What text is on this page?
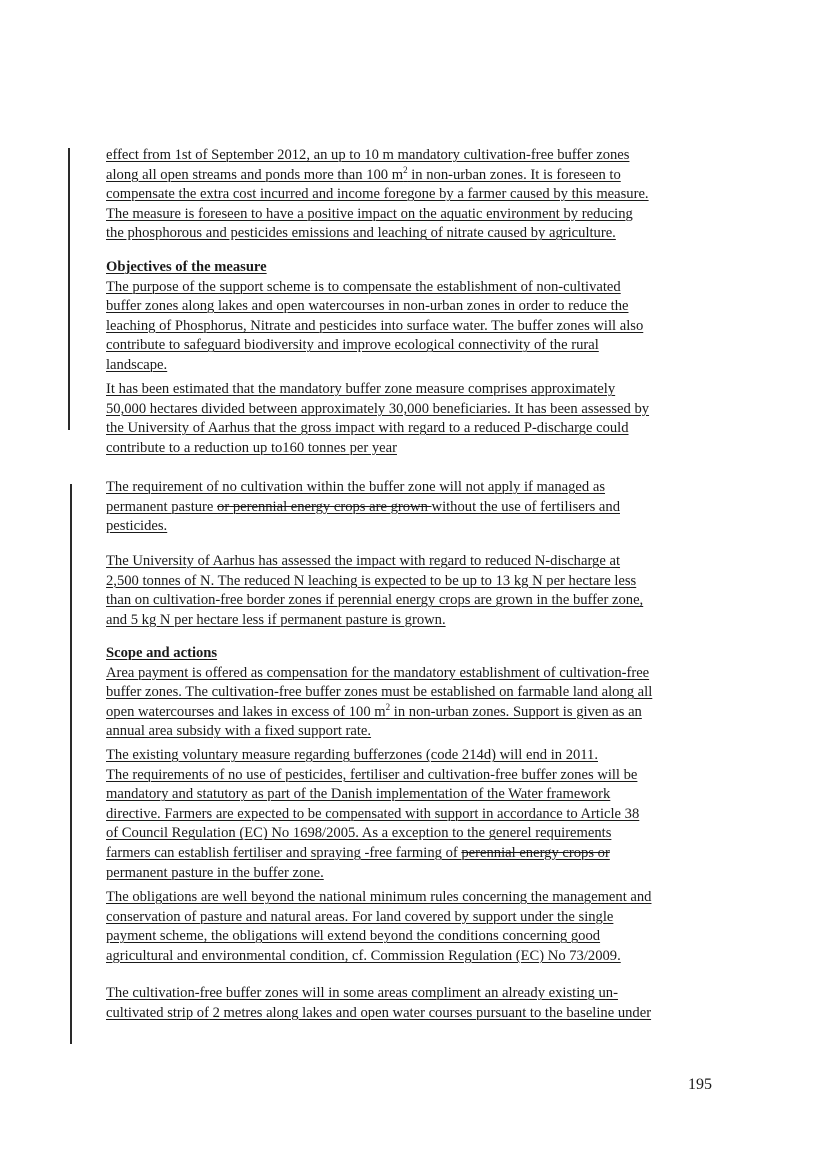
effect from 1st of September 2012, an up to 10 m mandatory cultivation-free buffer zones
along all open streams and ponds more than 100 $m^2$ in non-urban zones. It is foreseen to
compensate the extra cost incurred and income foregone by a farmer caused by this measure.
The measure is foreseen to have a positive impact on the aquatic environment by reducing
the phosphorous and pesticides emissions and leaching of nitrate caused by agriculture.
Objectives of the measure
The purpose of the support scheme is to compensate the establishment of non-cultivated
buffer zones along lakes and open watercourses in non-urban zones in order to reduce the
leaching of Phosphorus, Nitrate and pesticides into surface water. The buffer zones will also
contribute to safeguard biodiversity and improve ecological connectivity of the rural
landscape.
It has been estimated that the mandatory buffer zone measure comprises approximately
50,000 hectares divided between approximately 30,000 beneficiaries. It has been assessed by
the University of Aarhus that the gross impact with regard to a reduced P-discharge could
contribute to a reduction up to160 tonnes per year
The requirement of no cultivation within the buffer zone will not apply if managed as
permanent pasture or perennial energy crops are grown without the use of fertilisers and
pesticides.
The University of Aarhus has assessed the impact with regard to reduced N-discharge at
2,500 tonnes of N. The reduced N leaching is expected to be up to 13 kg N per hectare less
than on cultivation-free border zones if perennial energy crops are grown in the buffer zone,
and 5 kg N per hectare less if permanent pasture is grown.
Scope and actions
Area payment is offered as compensation for the mandatory establishment of cultivation-free
buffer zones. The cultivation-free buffer zones must be established on farmable land along all
open watercourses and lakes in excess of 100 $m^2$ in non-urban zones. Support is given as an
annual area subsidy with a fixed support rate.
The existing voluntary measure regarding bufferzones (code 214d) will end in 2011.
The requirements of no use of pesticides, fertiliser and cultivation-free buffer zones will be
mandatory and statutory as part of the Danish implementation of the Water framework
directive. Farmers are expected to be compensated with support in accordance to Article 38
of Council Regulation (EC) No 1698/2005. As a exception to the generel requirements
farmers can establish fertiliser and spraying -free farming of perennial energy crops or
permanent pasture in the buffer zone.
The obligations are well beyond the national minimum rules concerning the management and
conservation of pasture and natural areas. For land covered by support under the single
payment scheme, the obligations will extend beyond the conditions concerning good
agricultural and environmental condition, cf. Commission Regulation (EC) No 73/2009.
The cultivation-free buffer zones will in some areas compliment an already existing un-
cultivated strip of 2 metres along lakes and open water courses pursuant to the baseline under
195
